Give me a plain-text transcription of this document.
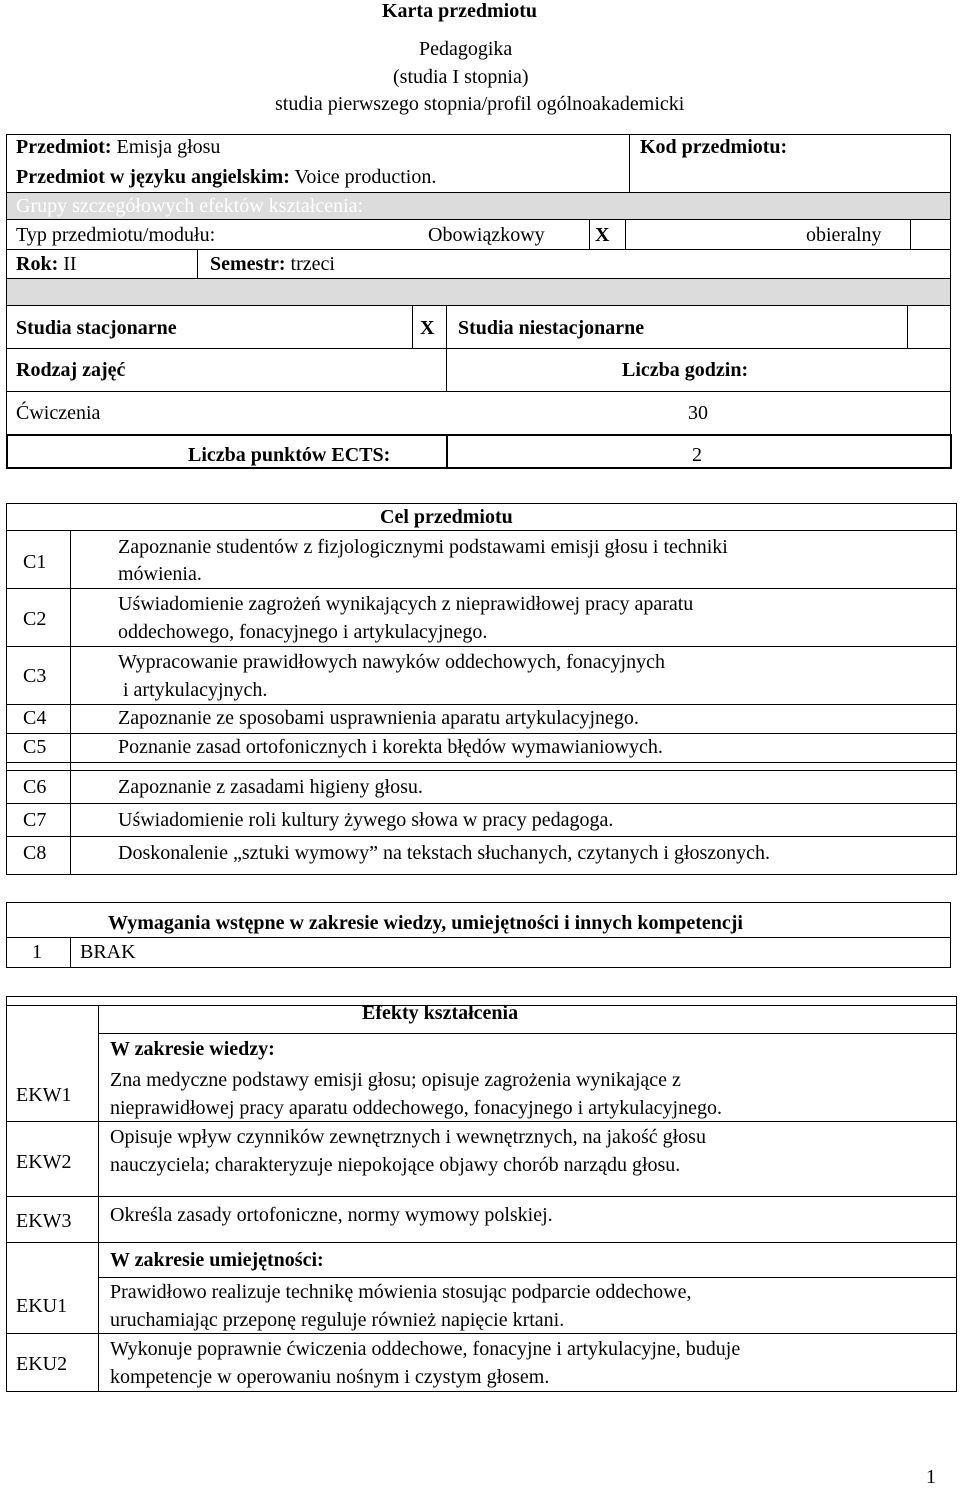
Karta przedmiotu
Pedagogika
(studia I stopnia)
studia pierwszego stopnia/profil ogólnoakademicki
Przedmiot: Emisja głosu	Kod przedmiotu:
Przedmiot w języku angielskim: Voice production.
Grupy szczegółowych efektów kształcenia:
Typ przedmiotu/modułu:	Obowiązkowy	X	obieralny
Rok: II	Semestr: trzeci
Studia stacjonarne	X Studia niestacjonarne
Rodzaj zajęć	Liczba godzin:
Ćwiczenia	30
Liczba punktów ECTS:	2
Cel przedmiotu
C1
Zapoznanie studentów z fizjologicznymi podstawami emisji głosu i techniki
mówienia.
C2
Uświadomienie zagrożeń wynikających z nieprawidłowej pracy aparatu
oddechowego, fonacyjnego i artykulacyjnego.
C3
Wypracowanie prawidłowych nawyków oddechowych, fonacyjnych
i artykulacyjnych.
C4	Zapoznanie ze sposobami usprawnienia aparatu artykulacyjnego.
C5	Poznanie zasad ortofonicznych i korekta błędów wymawianiowych.
C6	Zapoznanie z zasadami higieny głosu.
C7	Uświadomienie roli kultury żywego słowa w pracy pedagoga.
C8	Doskonalenie „sztuki wymowy” na tekstach słuchanych, czytanych i głoszonych.
Wymagania wstępne w zakresie wiedzy, umiejętności i innych kompetencji
1 BRAK
Efekty kształcenia
W zakresie wiedzy:
EKW1
Zna medyczne podstawy emisji głosu; opisuje zagrożenia wynikające z
nieprawidłowej pracy aparatu oddechowego, fonacyjnego i artykulacyjnego.
EKW2
Opisuje wpływ czynników zewnętrznych i wewnętrznych, na jakość głosu
nauczyciela; charakteryzuje niepokojące objawy chorób narządu głosu.
EKW3 Określa zasady ortofoniczne, normy wymowy polskiej.
W zakresie umiejętności:
EKU1
Prawidłowo realizuje technikę mówienia stosując podparcie oddechowe,
uruchamiając przeponę reguluje również napięcie krtani.
EKU2
Wykonuje poprawnie ćwiczenia oddechowe, fonacyjne i artykulacyjne, buduje
kompetencje w operowaniu nośnym i czystym głosem.
1
